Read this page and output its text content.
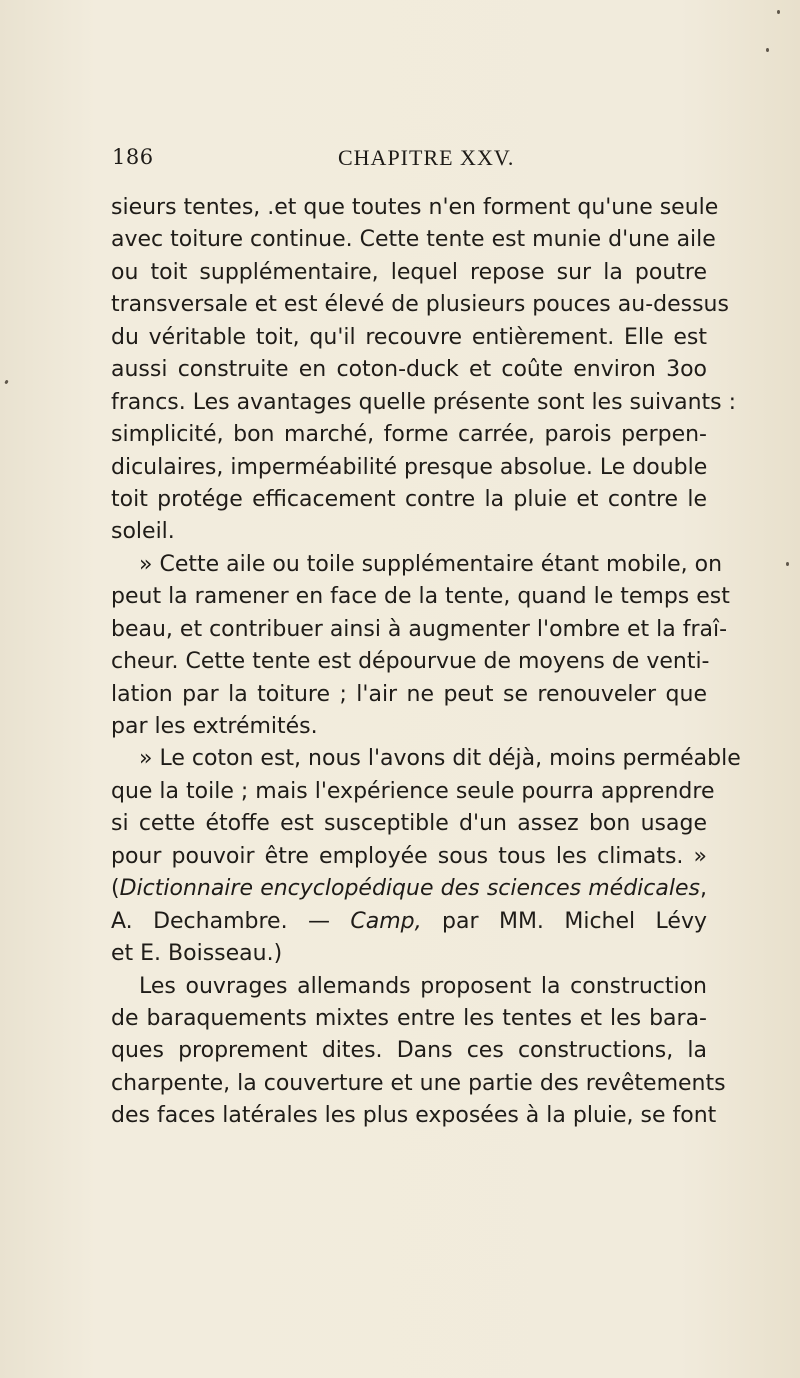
186	CHAPITRE XXV.
sieurs tentes, .et que toutes n'en forment qu'une seule
avec toiture continue. Cette tente est munie d'une aile
ou toit supplémentaire, lequel repose sur la poutre
transversale et est élevé de plusieurs pouces au-dessus
du véritable toit, qu'il recouvre entièrement. Elle est
aussi construite en coton-duck et coûte environ 3oo
francs. Les avantages quelle présente sont les suivants :
simplicité, bon marché, forme carrée, parois perpen-
diculaires, imperméabilité presque absolue. Le double
toit protége efficacement contre la pluie et contre le
soleil.
» Cette aile ou toile supplémentaire étant mobile, on
peut la ramener en face de la tente, quand le temps est
beau, et contribuer ainsi à augmenter l'ombre et la fraî-
cheur. Cette tente est dépourvue de moyens de venti-
lation par la toiture ; l'air ne peut se renouveler que
par les extrémités.
» Le coton est, nous l'avons dit déjà, moins perméable
que la toile ; mais l'expérience seule pourra apprendre
si cette étoffe est susceptible d'un assez bon usage
pour pouvoir être employée sous tous les climats. »
(Dictionnaire encyclopédique des sciences médicales,
A. Dechambre. — Camp, par MM. Michel Lévy
et E. Boisseau.)
Les ouvrages allemands proposent la construction
de baraquements mixtes entre les tentes et les bara-
ques proprement dites. Dans ces constructions, la
charpente, la couverture et une partie des revêtements
des faces latérales les plus exposées à la pluie, se font
